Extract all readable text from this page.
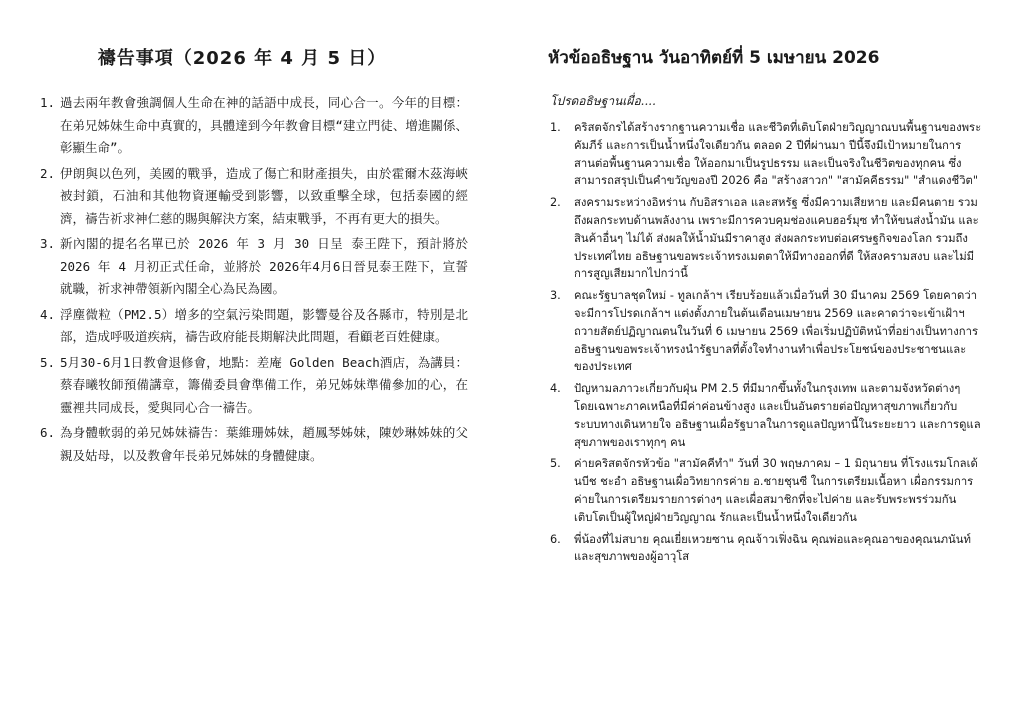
禱告事項（2026 年 4 月 5 日）
1. 過去兩年教會強調個人生命在神的話語中成長，同心合一。今年的目標：在弟兄姊妹生命中真實的，具體達到今年教會目標“建立門徒、增進關係、彰顯生命”。
2. 伊朗與以色列，美國的戰爭，造成了傷亡和財產損失，由於霍爾木茲海峽被封鎖，石油和其他物資運輸受到影響，以致重擊全球，包括泰國的經濟，禱告祈求神仁慈的賜與解決方案，結束戰爭，不再有更大的損失。
3. 新內閣的提名名單已於 2026 年 3 月 30 日呈 泰王陛下，預計將於 2026 年 4 月初正式任命，並將於 2026年4月6日晉見泰王陛下，宣誓就職，祈求神帶領新內閣全心為民為國。
4. 浮塵微粒（PM2.5）增多的空氣污染問題，影響曼谷及各縣市，特別是北部，造成呼吸道疾病，禱告政府能長期解決此問題，看顧老百姓健康。
5. 5月30-6月1日教會退修會，地點：差庵 Golden Beach酒店，為講員：蔡春曦牧師預備講章，籌備委員會準備工作，弟兄姊妹準備參加的心，在靈裡共同成長，愛與同心合一禱告。
6. 為身體軟弱的弟兄姊妹禱告：葉維珊姊妹，趙鳳琴姊妹，陳妙琳姊妹的父親及姑母，以及教會年長弟兄姊妹的身體健康。
หัวข้ออธิษฐาน วันอาทิตย์ที่ 5 เมษายน 2026

โปรดอธิษฐานเผื่อ....

1.	คริสตจักรได้สร้างรากฐานความเชื่อ และชีวิตที่เติบโตฝ่ายวิญญาณบนพื้นฐานของพระคัมภีร์ และการเป็นน้ำหนึ่งใจเดียวกัน ตลอด 2 ปีที่ผ่านมา ปีนี้จึงมีเป้าหมายในการสานต่อพื้นฐานความเชื่อ ให้ออกมาเป็นรูปธรรม และเป็นจริงในชีวิตของทุกคน ซึ่งสามารถสรุปเป็นคำขวัญของปี 2026 คือ "สร้างสาวก" "สามัคคีธรรม" "สำแดงชีวิต"
2.	สงครามระหว่างอิหร่าน กับอิสราเอล และสหรัฐ ซึ่งมีความเสียหาย และมีคนตาย รวมถึงผลกระทบด้านพลังงาน เพราะมีการควบคุมช่องแคบฮอร์มุซ ทำให้ขนส่งน้ำมัน และสินค้าอื่นๆ ไม่ได้ ส่งผลให้น้ำมันมีราคาสูง ส่งผลกระทบต่อเศรษฐกิจของโลก รวมถึงประเทศไทย อธิษฐานขอพระเจ้าทรงเมตตาให้มีทางออกที่ดี ให้สงครามสงบ และไม่มีการสูญเสียมากไปกว่านี้
3.	คณะรัฐบาลชุดใหม่ - ทูลเกล้าฯ เรียบร้อยแล้วเมื่อวันที่ 30 มีนาคม 2569 โดยคาดว่าจะมีการโปรดเกล้าฯ แต่งตั้งภายในต้นเดือนเมษายน 2569 และคาดว่าจะเข้าเฝ้าฯ ถวายสัตย์ปฏิญาณตนในวันที่ 6 เมษายน 2569 เพื่อเริ่มปฏิบัติหน้าที่อย่างเป็นทางการ อธิษฐานขอพระเจ้าทรงนำรัฐบาลที่ตั้งใจทำงานทำเพื่อประโยชน์ของประชาชนและของประเทศ
4.	ปัญหามลภาวะเกี่ยวกับฝุ่น PM 2.5 ที่มีมากขึ้นทั้งในกรุงเทพ และตามจังหวัดต่างๆ โดยเฉพาะภาคเหนือที่มีค่าค่อนข้างสูง และเป็นอันตรายต่อปัญหาสุขภาพเกี่ยวกับระบบทางเดินหายใจ อธิษฐานเผื่อรัฐบาลในการดูแลปัญหานี้ในระยะยาว และการดูแลสุขภาพของเราทุกๆ คน
5.	ค่ายคริสตจักรหัวข้อ "สามัคคีทำ" วันที่ 30 พฤษภาคม – 1 มิถุนายน ที่โรงแรมโกลเด้นบีช ชะอำ อธิษฐานเผื่อวิทยากรค่าย อ.ชายชุนซี ในการเตรียมเนื้อหา เผื่อกรรมการค่ายในการเตรียมรายการต่างๆ และเผื่อสมาชิกที่จะไปค่าย และรับพระพรร่วมกัน เติบโตเป็นผู้ใหญ่ฝ่ายวิญญาณ รักและเป็นน้ำหนึ่งใจเดียวกัน
6.	พี่น้องที่ไม่สบาย คุณเยี่ยเหวยซาน คุณจ้าวเฟิ่งฉิน คุณพ่อและคุณอาของคุณนภนันท์ และสุขภาพของผู้อาวุโส
